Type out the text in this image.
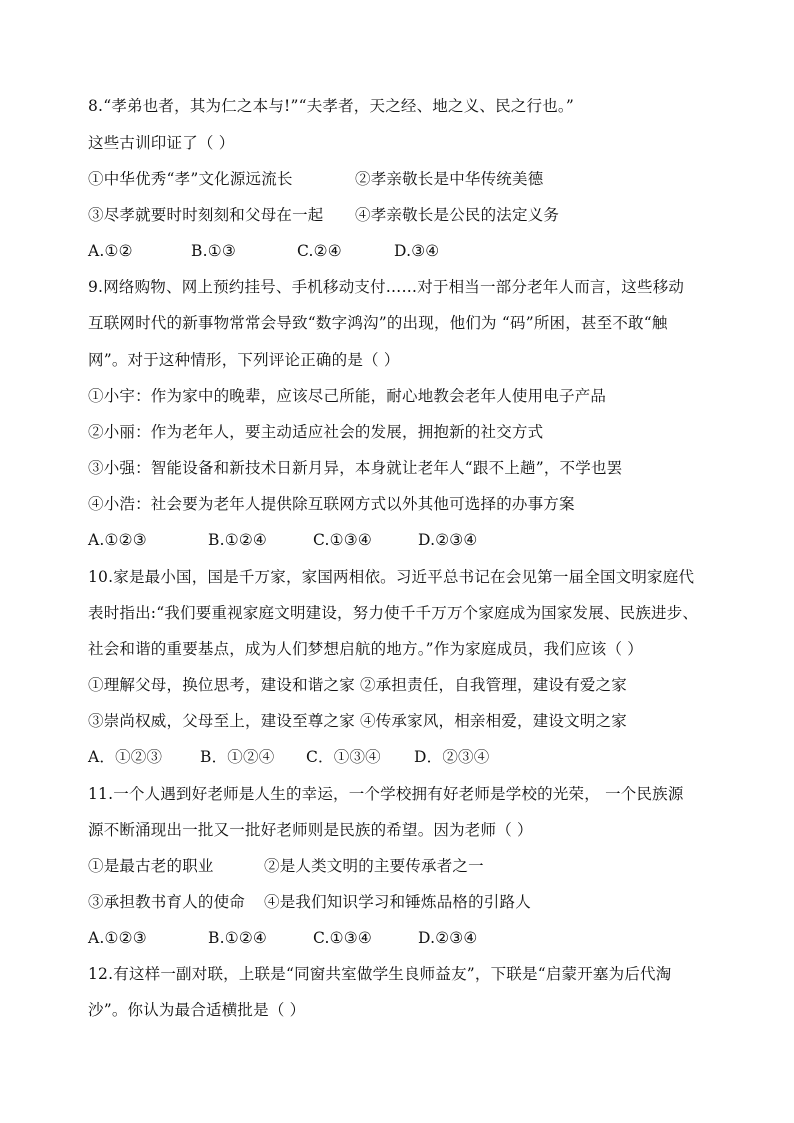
8.“孝弟也者，其为仁之本与!”“夫孝者，天之经、地之义、民之行也。”
这些古训印证了（ ）
①中华优秀“孝”文化源远流长	②孝亲敬长是中华传统美德
③尽孝就要时时刻刻和父母在一起 ④孝亲敬长是公民的法定义务
A.①②	B.①③	C.②④	D.③④
9.网络购物、网上预约挂号、手机移动支付……对于相当一部分老年人而言，这些移动
互联网时代的新事物常常会导致“数字鸿沟”的出现，他们为 “码”所困，甚至不敢“触
网”。对于这种情形，下列评论正确的是（ ）
①小宇：作为家中的晚辈，应该尽己所能，耐心地教会老年人使用电子产品
②小丽：作为老年人，要主动适应社会的发展，拥抱新的社交方式
③小强：智能设备和新技术日新月异，本身就让老年人“跟不上趟”，不学也罢
④小浩：社会要为老年人提供除互联网方式以外其他可选择的办事方案
A.①②③	B.①②④	C.①③④	D.②③④
10.家是最小国，国是千万家，家国两相依。习近平总书记在会见第一届全国文明家庭代
表时指出:“我们要重视家庭文明建设，努力使千千万万个家庭成为国家发展、民族进步、
社会和谐的重要基点，成为人们梦想启航的地方。”作为家庭成员，我们应该（ ）
①理解父母，换位思考，建设和谐之家 ②承担责任，自我管理，建设有爱之家
③崇尚权威，父母至上，建设至尊之家 ④传承家风，相亲相爱，建设文明之家
A．①②③ B．①②④ C．①③④ D．②③④
11.一个人遇到好老师是人生的幸运，一个学校拥有好老师是学校的光荣， 一个民族源
源不断涌现出一批又一批好老师则是民族的希望。因为老师（ ）
①是最古老的职业	②是人类文明的主要传承者之一
③承担教书育人的使命 ④是我们知识学习和锤炼品格的引路人
A.①②③	B.①②④	C.①③④	D.②③④
12.有这样一副对联，上联是“同窗共室做学生良师益友”，下联是“启蒙开塞为后代淘
沙”。你认为最合适横批是（ ）
